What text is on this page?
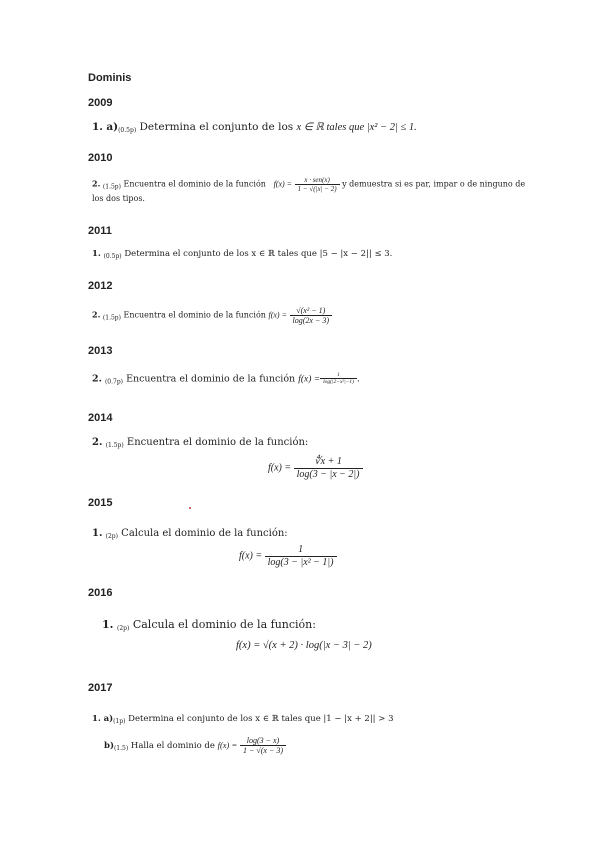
Dominis
2009
1. a)(0.5p) Determina el conjunto de los x ∈ ℝ tales que |x² − 2| ≤ 1.
2010
2. $_{(1.5p)}$ Encuentra el dominio de la función $f(x) = \frac{\text{x · sen(x)}}{1 - √(|x| - 2)}$ y demuestra si es par, impar o de ninguno de
los dos tipos.
2011
1. $_{(0.5p)}$ Determina el conjunto de los x ∈ ℝ tales que |5 − |x − 2|| ≤ 3.
2012
2. $_{(1.5p)}$ Encuentra el dominio de la función $f(x) = \frac{\text{√(x² − 1)}}{\log(2x - 3)}$
2013
2. $_{(0.7p)}$ Encuentra el dominio de la función $f(x) = \frac{1}{\text{log(|2−x²|−1)}}$ .
2014
2. $_{(1.5p)}$ Encuentra el dominio de la función:
$f(x) = \frac{∜x + 1}{\log(3 - |x - 2|)}$
2015
1. $_{(2p)}$ Calcula el dominio de la función:
$f(x) = \frac{1}{\text{log(3 − |x² − 1|)}}$
2016
1. (2p) Calcula el dominio de la función:
f(x) = √(x + 2) · log(|x − 3| − 2)
2017
1. $a)_{(1p)}$ Determina el conjunto de los x ∈ ℝ tales que |1 − |x + 2|| > 3
$b)_{(1.5)}$ Halla el dominio de $f(x) = \frac{\log(3 - x)}{1 - √(x - 3)}$
